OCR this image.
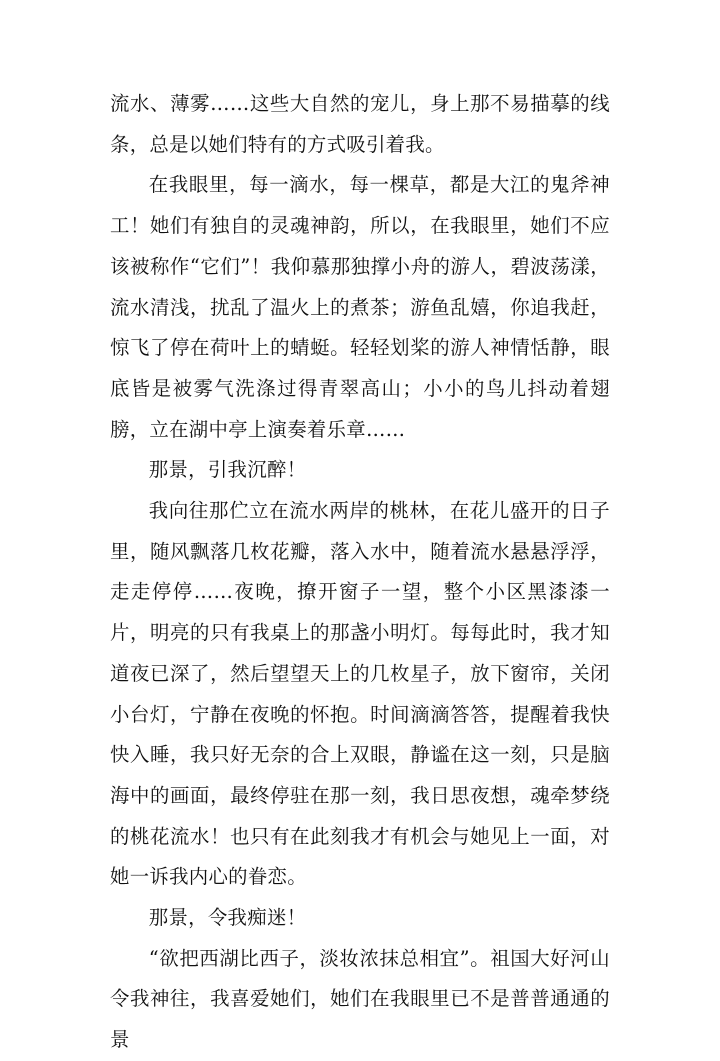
流水、薄雾……这些大自然的宠儿，身上那不易描摹的线条，总是以她们特有的方式吸引着我。

在我眼里，每一滴水，每一棵草，都是大江的鬼斧神工！她们有独自的灵魂神韵，所以，在我眼里，她们不应该被称作“它们”！我仰慕那独撑小舟的游人，碧波荡漾，流水清浅，扰乱了温火上的煮茶；游鱼乱嬉，你追我赶，惊飞了停在荷叶上的蜻蜓。轻轻划桨的游人神情恬静，眼底皆是被雾气洗涤过得青翠高山；小小的鸟儿抖动着翅膀，立在湖中亭上演奏着乐章……

那景，引我沉醉！

我向往那伫立在流水两岸的桃林，在花儿盛开的日子里，随风飘落几枚花瓣，落入水中，随着流水悬悬浮浮，走走停停……夜晚，撩开窗子一望，整个小区黑漆漆一片，明亮的只有我桌上的那盏小明灯。每每此时，我才知道夜已深了，然后望望天上的几枚星子，放下窗帘，关闭小台灯，宁静在夜晚的怀抱。时间滴滴答答，提醒着我快快入睡，我只好无奈的合上双眼，静谧在这一刻，只是脑海中的画面，最终停驻在那一刻，我日思夜想，魂牵梦绕的桃花流水！也只有在此刻我才有机会与她见上一面，对她一诉我内心的眷恋。

那景，令我痴迷！

“欲把西湖比西子，淡妆浓抹总相宜”。祖国大好河山令我神往，我喜爱她们，她们在我眼里已不是普普通通的景
